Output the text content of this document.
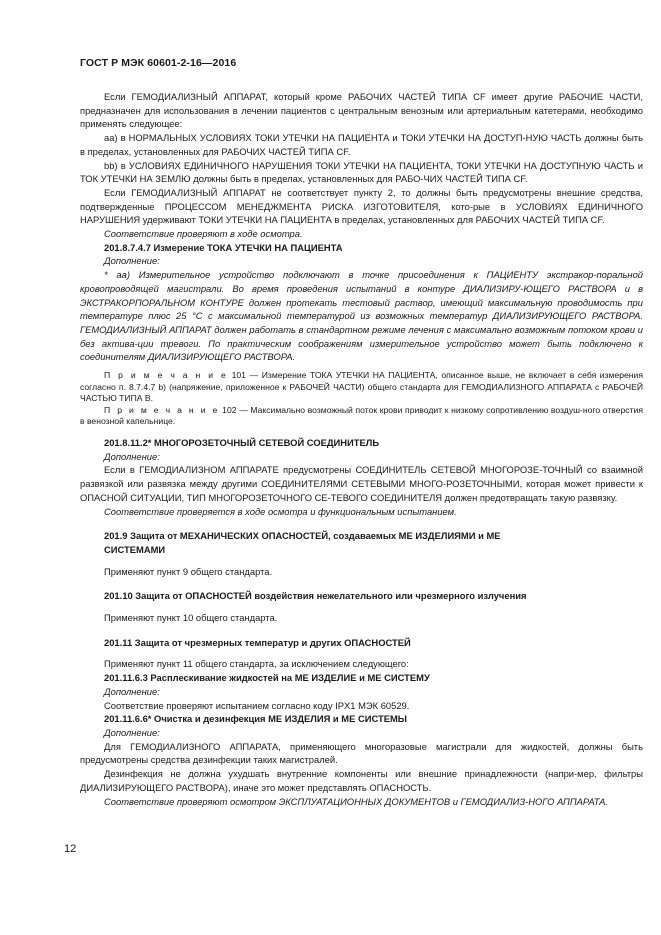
ГОСТ Р МЭК 60601-2-16—2016

Если ГЕМОДИАЛИЗНЫЙ АППАРАТ, который кроме РАБОЧИХ ЧАСТЕЙ ТИПА CF имеет другие РАБОЧИЕ ЧАСТИ, предназначен для использования в лечении пациентов с центральным венозным или артериальным катетерами, необходимо применять следующее:

аа) в НОРМАЛЬНЫХ УСЛОВИЯХ ТОКИ УТЕЧКИ НА ПАЦИЕНТА и ТОКИ УТЕЧКИ НА ДОСТУП-НУЮ ЧАСТЬ должны быть в пределах, установленных для РАБОЧИХ ЧАСТЕЙ ТИПА CF.

bb) в УСЛОВИЯХ ЕДИНИЧНОГО НАРУШЕНИЯ ТОКИ УТЕЧКИ НА ПАЦИЕНТА, ТОКИ УТЕЧКИ НА ДОСТУПНУЮ ЧАСТЬ и ТОК УТЕЧКИ НА ЗЕМЛЮ должны быть в пределах, установленных для РАБО-ЧИХ ЧАСТЕЙ ТИПА CF.

Если ГЕМОДИАЛИЗНЫЙ АППАРАТ не соответствует пункту 2, то должны быть предусмотрены внешние средства, подтвержденные ПРОЦЕССОМ МЕНЕДЖМЕНТА РИСКА ИЗГОТОВИТЕЛЯ, кото-рые в УСЛОВИЯХ ЕДИНИЧНОГО НАРУШЕНИЯ удерживают ТОКИ УТЕЧКИ НА ПАЦИЕНТА в пределах, установленных для РАБОЧИХ ЧАСТЕЙ ТИПА CF.

Соответствие проверяют в ходе осмотра.

201.8.7.4.7 Измерение ТОКА УТЕЧКИ НА ПАЦИЕНТА

Дополнение:

* аа) Измерительное устройство подключают в точке присоединения к ПАЦИЕНТУ экстракор-поральной кровопроводящей магистрали. Во время проведения испытаний в контуре ДИАЛИЗИРУ-ЮЩЕГО РАСТВОРА и в ЭКСТРАКОРПОРАЛЬНОМ КОНТУРЕ должен протекать тестовый раствор, имеющий максимальную проводимость при температуре плюс 25 °C с максимальной температурой из возможных температур ДИАЛИЗИРУЮЩЕГО РАСТВОРА. ГЕМОДИАЛИЗНЫЙ АППАРАТ должен работать в стандартном режиме лечения с максимально возможным потоком крови и без актива-ции тревоги. По практическим соображениям измерительное устройство может быть подключено к соединителям ДИАЛИЗИРУЮЩЕГО РАСТВОРА.

П р и м е ч а н и е 101 — Измерение ТОКА УТЕЧКИ НА ПАЦИЕНТА, описанное выше, не включает в себя измерения согласно п. 8.7.4.7 b) (напряжение, приложенное к РАБОЧЕЙ ЧАСТИ) общего стандарта для ГЕМОДИАЛИЗНОГО АППАРАТА с РАБОЧЕЙ ЧАСТЬЮ ТИПА В.

П р и м е ч а н и е 102 — Максимально возможный поток крови приводит к низкому сопротивлению воздуш-ного отверстия в венозной капельнице.

201.8.11.2* МНОГОРОЗЕТОЧНЫЙ СЕТЕВОЙ СОЕДИНИТЕЛЬ

Дополнение:

Если в ГЕМОДИАЛИЗНОМ АППАРАТЕ предусмотрены СОЕДИНИТЕЛЬ СЕТЕВОЙ МНОГОРОЗЕ-ТОЧНЫЙ со взаимной развязкой или развязка между другими СОЕДИНИТЕЛЯМИ СЕТЕВЫМИ МНОГО-РОЗЕТОЧНЫМИ, которая может привести к ОПАСНОЙ СИТУАЦИИ, ТИП МНОГОРОЗЕТОЧНОГО СЕ-ТЕВОГО СОЕДИНИТЕЛЯ должен предотвращать такую развязку.

Соответствие проверяется в ходе осмотра и функциональным испытанием.

201.9 Защита от МЕХАНИЧЕСКИХ ОПАСНОСТЕЙ, создаваемых МЕ ИЗДЕЛИЯМИ и МЕ
СИСТЕМАМИ

Применяют пункт 9 общего стандарта.

201.10 Защита от ОПАСНОСТЕЙ воздействия нежелательного или чрезмерного излучения

Применяют пункт 10 общего стандарта.

201.11 Защита от чрезмерных температур и других ОПАСНОСТЕЙ

Применяют пункт 11 общего стандарта, за исключением следующего:

201.11.6.3 Расплескивание жидкостей на МЕ ИЗДЕЛИЕ и МЕ СИСТЕМУ

Дополнение:

Соответствие проверяют испытанием согласно коду IPX1 МЭК 60529.

201.11.6.6* Очистка и дезинфекция МЕ ИЗДЕЛИЯ и МЕ СИСТЕМЫ

Дополнение:

Для ГЕМОДИАЛИЗНОГО АППАРАТА, применяющего многоразовые магистрали для жидкостей, должны быть предусмотрены средства дезинфекции таких магистралей.

Дезинфекция не должна ухудшать внутренние компоненты или внешние принадлежности (напри-мер, фильтры ДИАЛИЗИРУЮЩЕГО РАСТВОРА), иначе это может представлять ОПАСНОСТЬ.

Соответствие проверяют осмотром ЭКСПЛУАТАЦИОННЫХ ДОКУМЕНТОВ и ГЕМОДИАЛИЗ-НОГО АППАРАТА.

12
